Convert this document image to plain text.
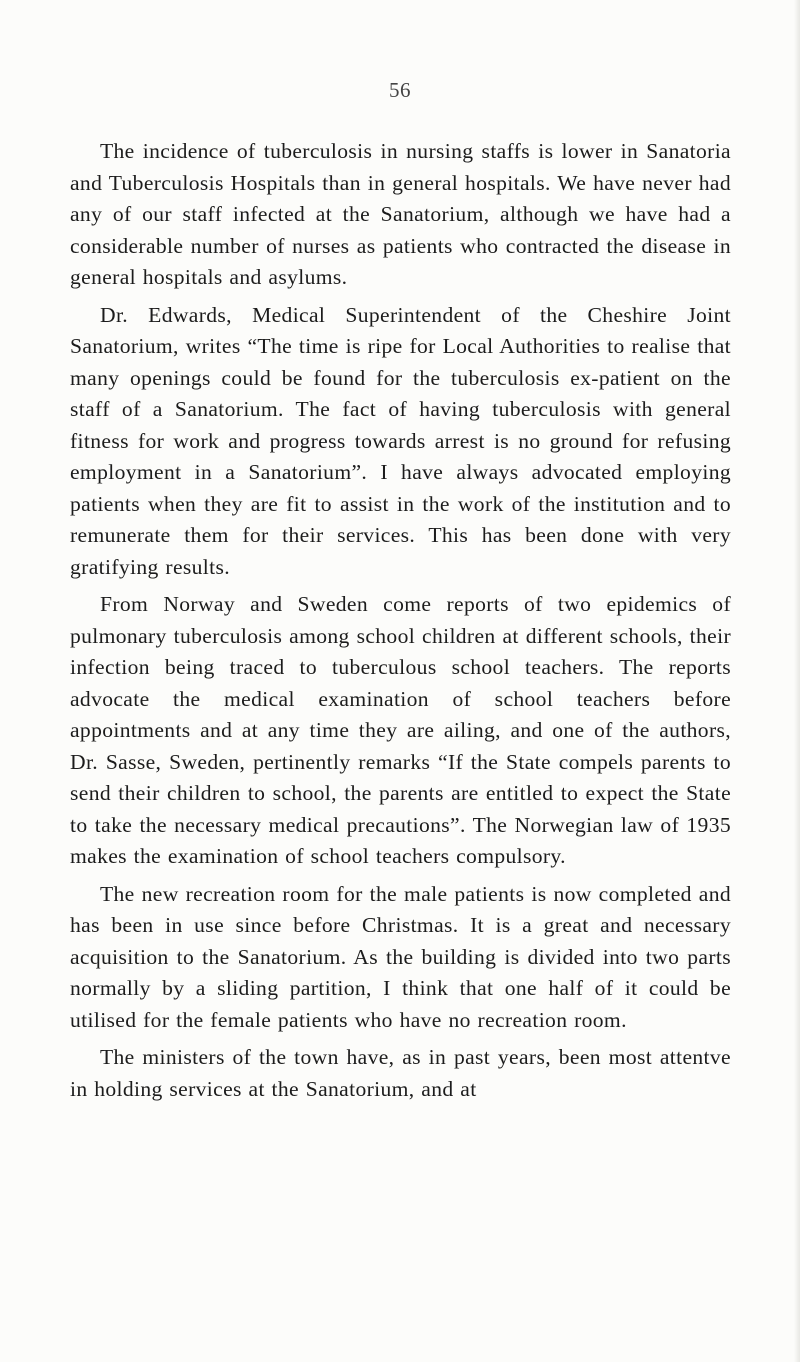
56

The incidence of tuberculosis in nursing staffs is lower in Sanatoria and Tuberculosis Hospitals than in general hospitals. We have never had any of our staff infected at the Sanatorium, although we have had a considerable number of nurses as patients who contracted the disease in general hospitals and asylums.

Dr. Edwards, Medical Superintendent of the Cheshire Joint Sanatorium, writes “The time is ripe for Local Authorities to realise that many openings could be found for the tuberculosis ex-patient on the staff of a Sanatorium. The fact of having tuberculosis with general fitness for work and progress towards arrest is no ground for refusing employment in a Sanatorium”. I have always advocated employing patients when they are fit to assist in the work of the institution and to remunerate them for their services. This has been done with very gratifying results.

From Norway and Sweden come reports of two epidemics of pulmonary tuberculosis among school children at different schools, their infection being traced to tuberculous school teachers. The reports advocate the medical examination of school teachers before appointments and at any time they are ailing, and one of the authors, Dr. Sasse, Sweden, pertinently remarks “If the State compels parents to send their children to school, the parents are entitled to expect the State to take the necessary medical precautions”. The Norwegian law of 1935 makes the examination of school teachers compulsory.

The new recreation room for the male patients is now completed and has been in use since before Christmas. It is a great and necessary acquisition to the Sanatorium. As the building is divided into two parts normally by a sliding partition, I think that one half of it could be utilised for the female patients who have no recreation room.

The ministers of the town have, as in past years, been most attentve in holding services at the Sanatorium, and at
